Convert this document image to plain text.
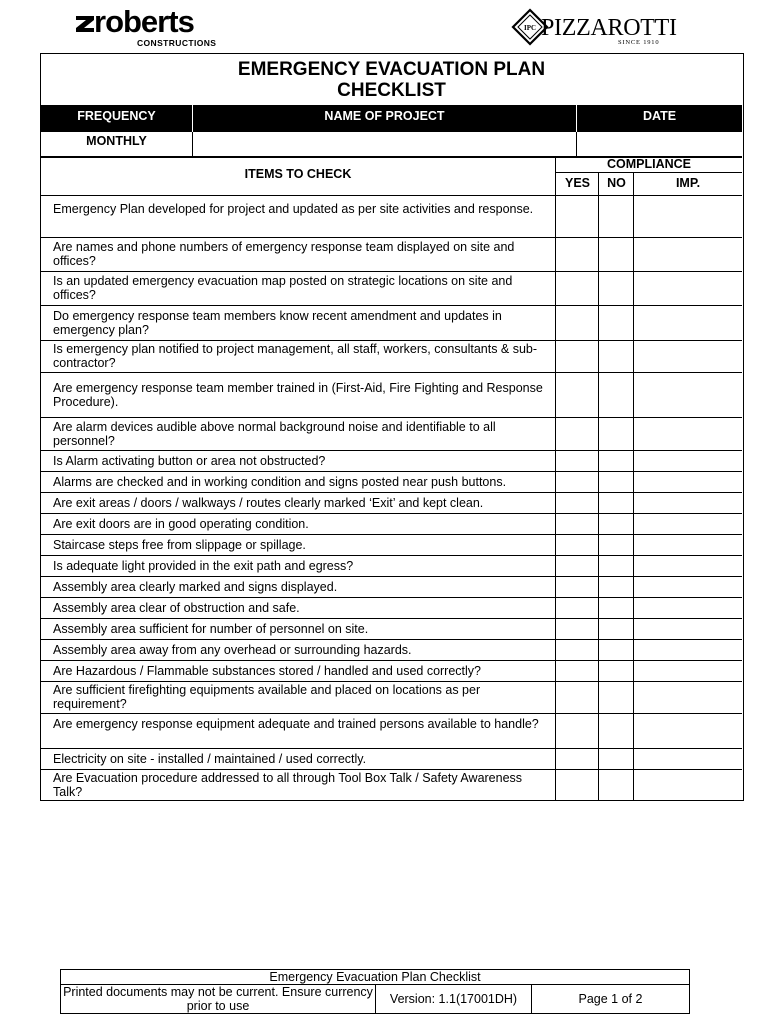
roberts
CONSTRUCTIONS
IPC PIZZAROTTI
SINCE 1910
EMERGENCY EVACUATION PLAN
CHECKLIST
FREQUENCY	NAME OF PROJECT	DATE
MONTHLY
ITEMS TO CHECK
COMPLIANCE
YES	NO	IMP.
Emergency Plan developed for project and updated as per site activities and response.
Are names and phone numbers of emergency response team displayed on site and offices?
Is an updated emergency evacuation map posted on strategic locations on site and offices?
Do emergency response team members know recent amendment and updates in emergency plan?
Is emergency plan notified to project management, all staff, workers, consultants & sub-contractor?
Are emergency response team member trained in (First-Aid, Fire Fighting and Response Procedure).
Are alarm devices audible above normal background noise and identifiable to all personnel?
Is Alarm activating button or area not obstructed?
Alarms are checked and in working condition and signs posted near push buttons.
Are exit areas / doors / walkways / routes clearly marked ‘Exit’ and kept clean.
Are exit doors are in good operating condition.
Staircase steps free from slippage or spillage.
Is adequate light provided in the exit path and egress?
Assembly area clearly marked and signs displayed.
Assembly area clear of obstruction and safe.
Assembly area sufficient for number of personnel on site.
Assembly area away from any overhead or surrounding hazards.
Are Hazardous / Flammable substances stored / handled and used correctly?
Are sufficient firefighting equipments available and placed on locations as per requirement?
Are emergency response equipment adequate and trained persons available to handle?
Electricity on site - installed / maintained / used correctly.
Are Evacuation procedure addressed to all through Tool Box Talk / Safety Awareness Talk?
Emergency Evacuation Plan Checklist
Printed documents may not be current. Ensure currency prior to use	Version: 1.1(17001DH)	Page 1 of 2
